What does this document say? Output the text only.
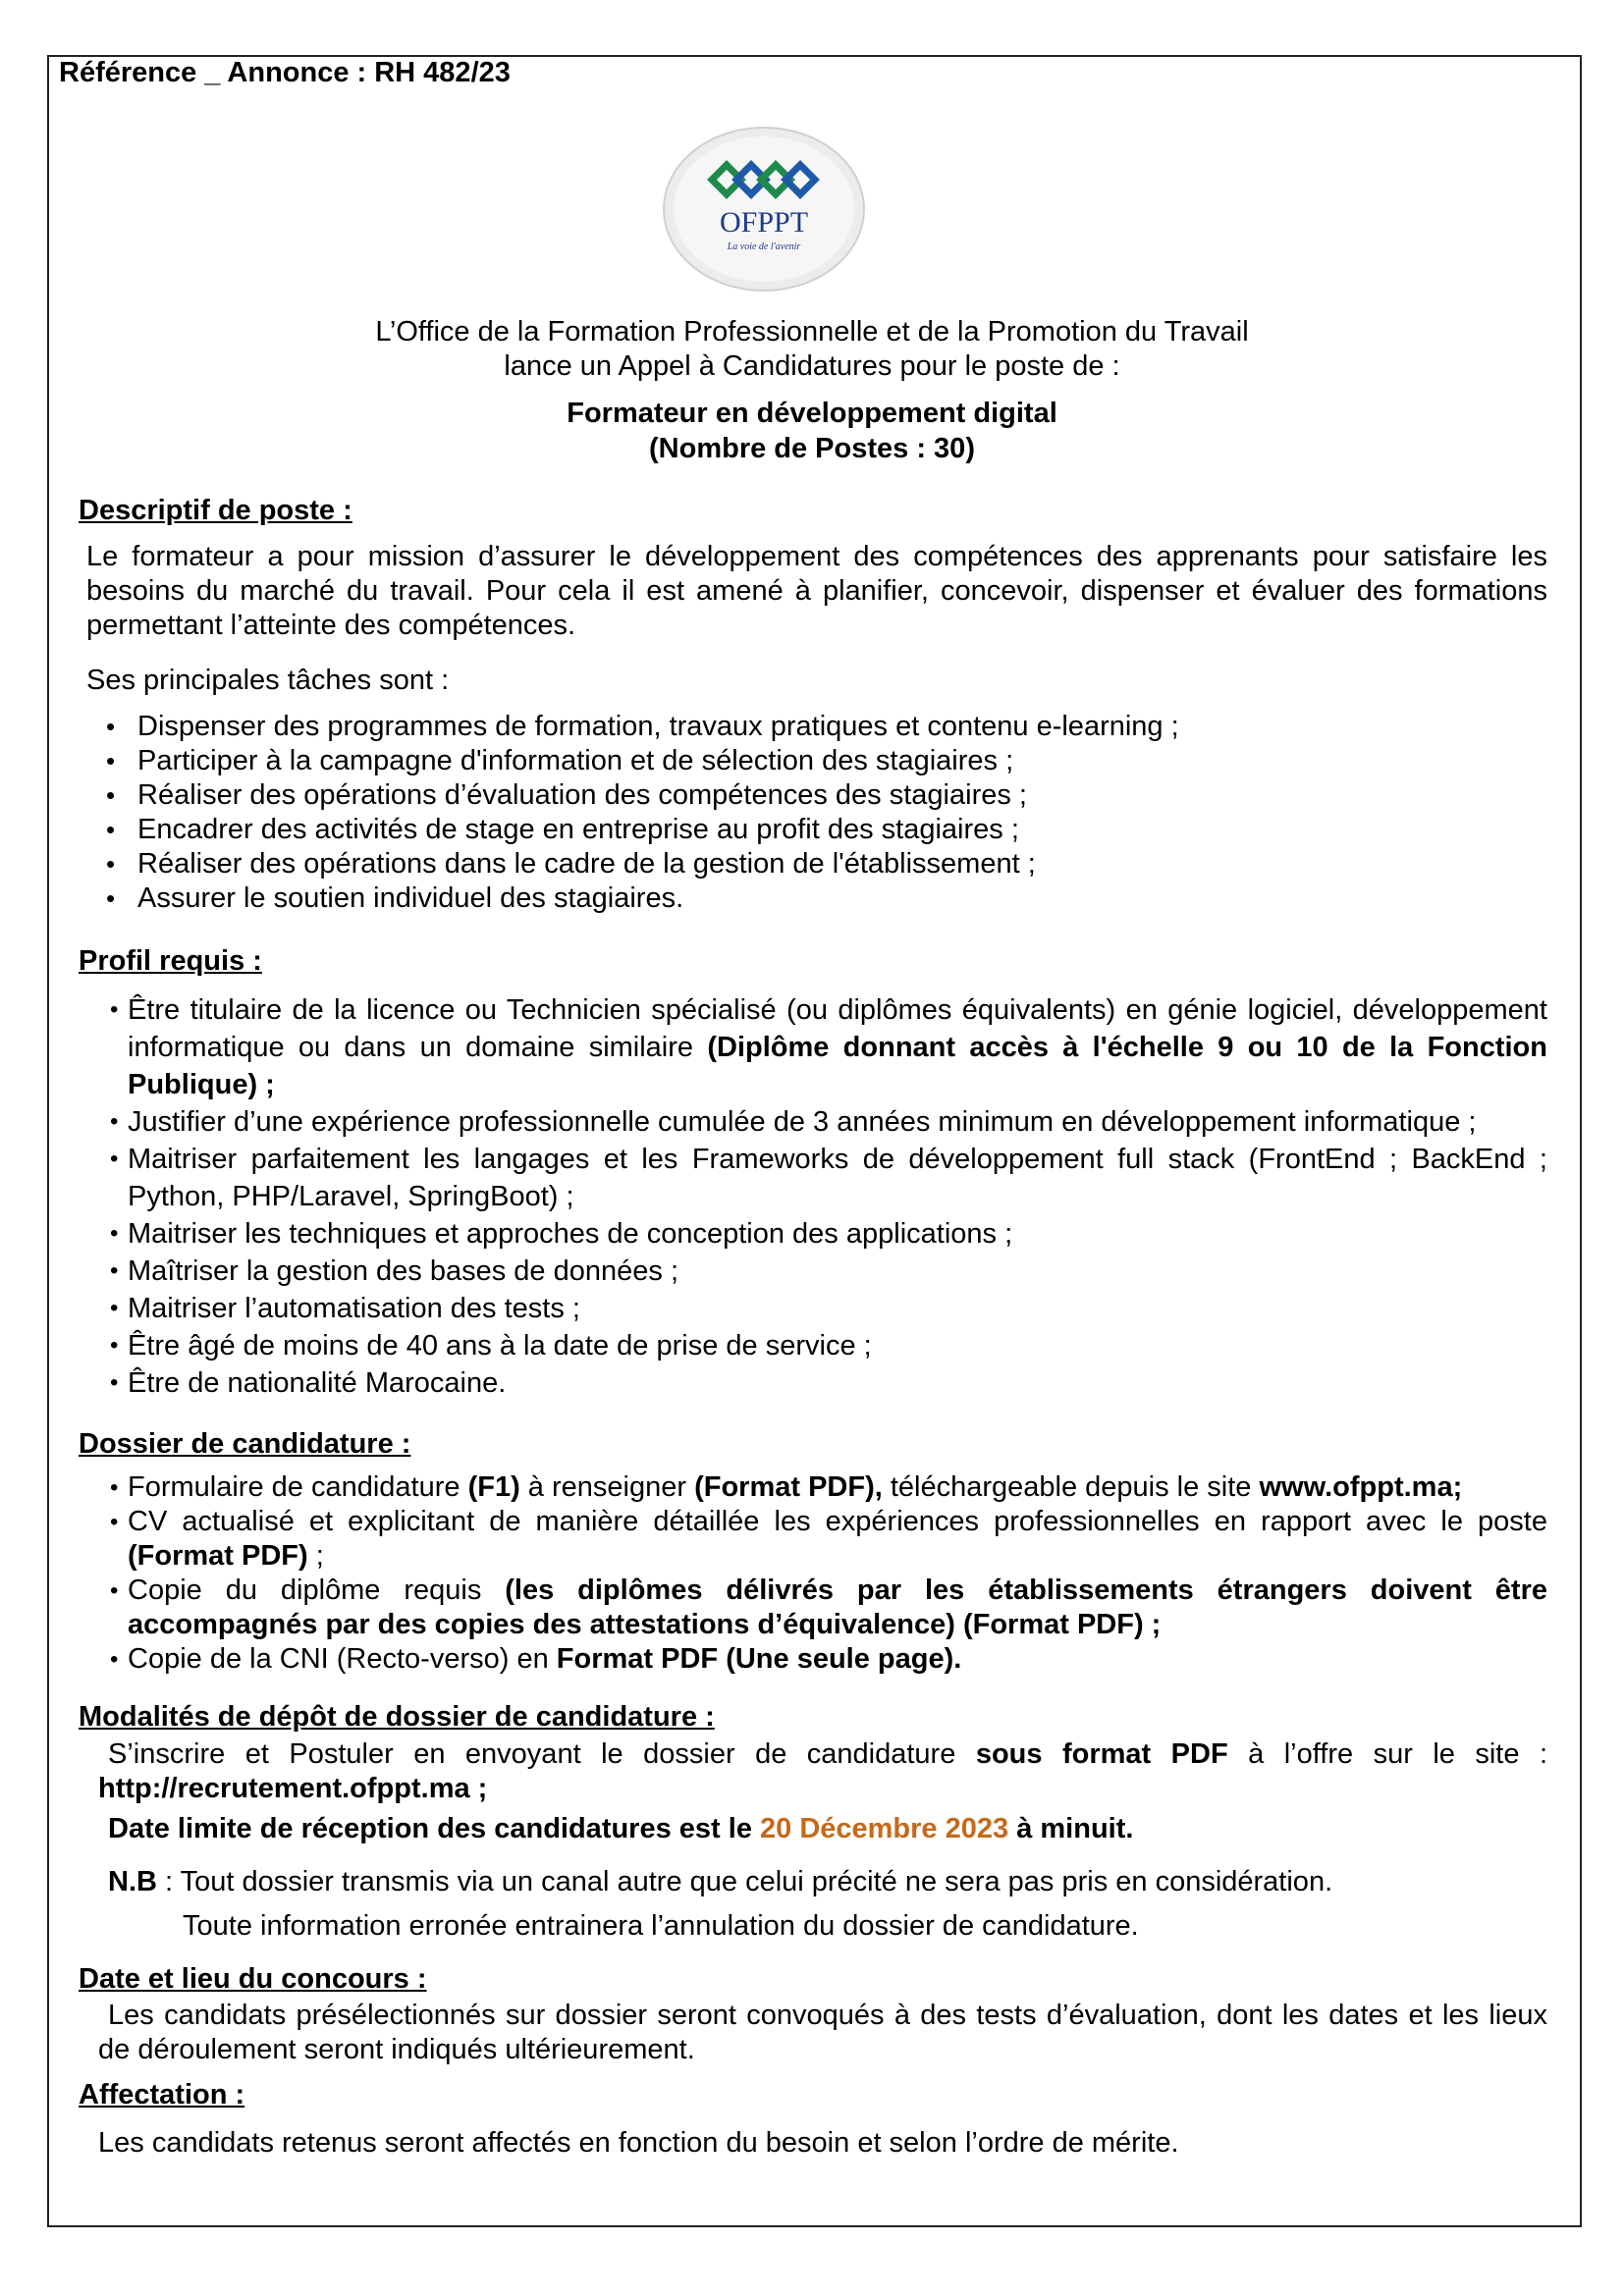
Référence _ Annonce : RH 482/23
OFPPT
La voie de l'avenir
L’Office de la Formation Professionnelle et de la Promotion du Travail
lance un Appel à Candidatures pour le poste de :
Formateur en développement digital
(Nombre de Postes : 30)
Descriptif de poste :
Le formateur a pour mission d’assurer le développement des compétences des apprenants pour satisfaire les besoins du marché du travail. Pour cela il est amené à planifier, concevoir, dispenser et évaluer des formations permettant l’atteinte des compétences.
Ses principales tâches sont :
• Dispenser des programmes de formation, travaux pratiques et contenu e-learning ;
• Participer à la campagne d'information et de sélection des stagiaires ;
• Réaliser des opérations d’évaluation des compétences des stagiaires ;
• Encadrer des activités de stage en entreprise au profit des stagiaires ;
• Réaliser des opérations dans le cadre de la gestion de l'établissement ;
• Assurer le soutien individuel des stagiaires.
Profil requis :
• Être titulaire de la licence ou Technicien spécialisé (ou diplômes équivalents) en génie logiciel, développement informatique ou dans un domaine similaire (Diplôme donnant accès à l'échelle 9 ou 10 de la Fonction Publique) ;
• Justifier d’une expérience professionnelle cumulée de 3 années minimum en développement informatique ;
• Maitriser parfaitement les langages et les Frameworks de développement full stack (FrontEnd ; BackEnd ; Python, PHP/Laravel, SpringBoot) ;
• Maitriser les techniques et approches de conception des applications ;
• Maîtriser la gestion des bases de données ;
• Maitriser l’automatisation des tests ;
• Être âgé de moins de 40 ans à la date de prise de service ;
• Être de nationalité Marocaine.
Dossier de candidature :
• Formulaire de candidature (F1) à renseigner (Format PDF), téléchargeable depuis le site www.ofppt.ma;
• CV actualisé et explicitant de manière détaillée les expériences professionnelles en rapport avec le poste (Format PDF) ;
• Copie du diplôme requis (les diplômes délivrés par les établissements étrangers doivent être accompagnés par des copies des attestations d’équivalence) (Format PDF) ;
• Copie de la CNI (Recto-verso) en Format PDF (Une seule page).
Modalités de dépôt de dossier de candidature :
S’inscrire et Postuler en envoyant le dossier de candidature sous format PDF à l’offre sur le site : http://recrutement.ofppt.ma ;
Date limite de réception des candidatures est le 20 Décembre 2023 à minuit.
N.B : Tout dossier transmis via un canal autre que celui précité ne sera pas pris en considération.
Toute information erronée entrainera l’annulation du dossier de candidature.
Date et lieu du concours :
Les candidats présélectionnés sur dossier seront convoqués à des tests d’évaluation, dont les dates et les lieux de déroulement seront indiqués ultérieurement.
Affectation :
Les candidats retenus seront affectés en fonction du besoin et selon l’ordre de mérite.
